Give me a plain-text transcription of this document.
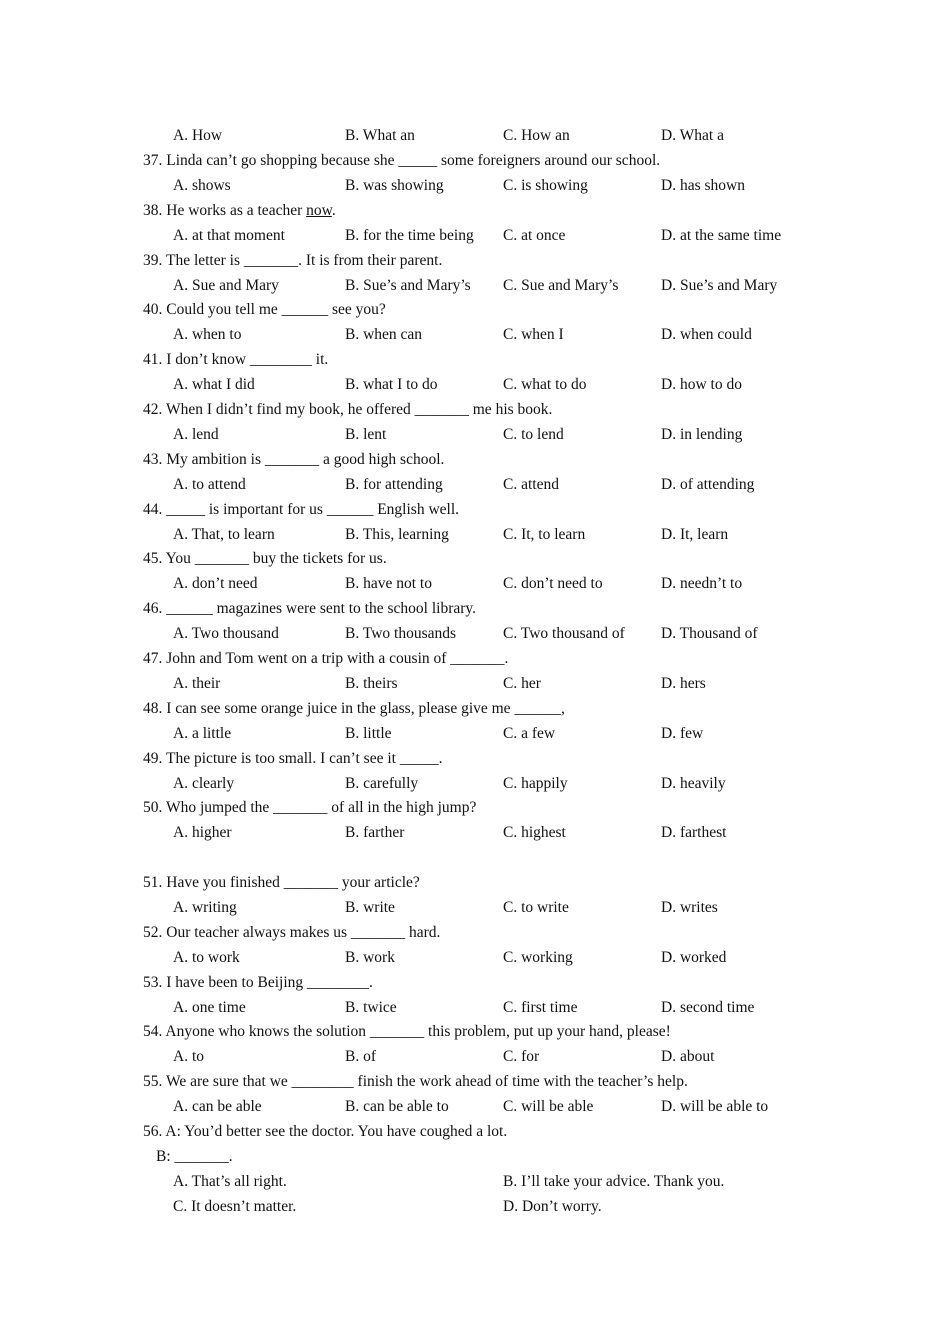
A. How	B. What an	C. How an	D. What a
37. Linda can’t go shopping because she _____ some foreigners around our school.
A. shows	B. was showing	C. is showing	D. has shown
38. He works as a teacher now.
A. at that moment	B. for the time being C. at once	D. at the same time
39. The letter is _______. It is from their parent.
A. Sue and Mary	B. Sue’s and Mary’s C. Sue and Mary’s	D. Sue’s and Mary
40. Could you tell me ______ see you?
A. when to	B. when can	C. when I	D. when could
41. I don’t know ________ it.
A. what I did	B. what I to do	C. what to do	D. how to do
42. When I didn’t find my book, he offered _______ me his book.
A. lend	B. lent	C. to lend	D. in lending
43. My ambition is _______ a good high school.
A. to attend	B. for attending	C. attend	D. of attending
44. _____ is important for us ______ English well.
A. That, to learn	B. This, learning	C. It, to learn	D. It, learn
45. You _______ buy the tickets for us.
A. don’t need	B. have not to	C. don’t need to	D. needn’t to
46. ______ magazines were sent to the school library.
A. Two thousand	B. Two thousands	C. Two thousand of D. Thousand of
47. John and Tom went on a trip with a cousin of _______.
A. their	B. theirs	C. her	D. hers
48. I can see some orange juice in the glass, please give me ______,
A. a little	B. little	C. a few	D. few
49. The picture is too small. I can’t see it _____.
A. clearly	B. carefully	C. happily	D. heavily
50. Who jumped the _______ of all in the high jump?
A. higher	B. farther	C. highest	D. farthest
51. Have you finished _______ your article?
A. writing	B. write	C. to write	D. writes
52. Our teacher always makes us _______ hard.
A. to work	B. work	C. working	D. worked
53. I have been to Beijing ________.
A. one time	B. twice	C. first time	D. second time
54. Anyone who knows the solution _______ this problem, put up your hand, please!
A. to	B. of	C. for	D. about
55. We are sure that we ________ finish the work ahead of time with the teacher’s help.
A. can be able	B. can be able to	C. will be able	D. will be able to
56. A: You’d better see the doctor. You have coughed a lot.
B: _______.
A. That’s all right.	B. I’ll take your advice. Thank you.
C. It doesn’t matter.	D. Don’t worry.
